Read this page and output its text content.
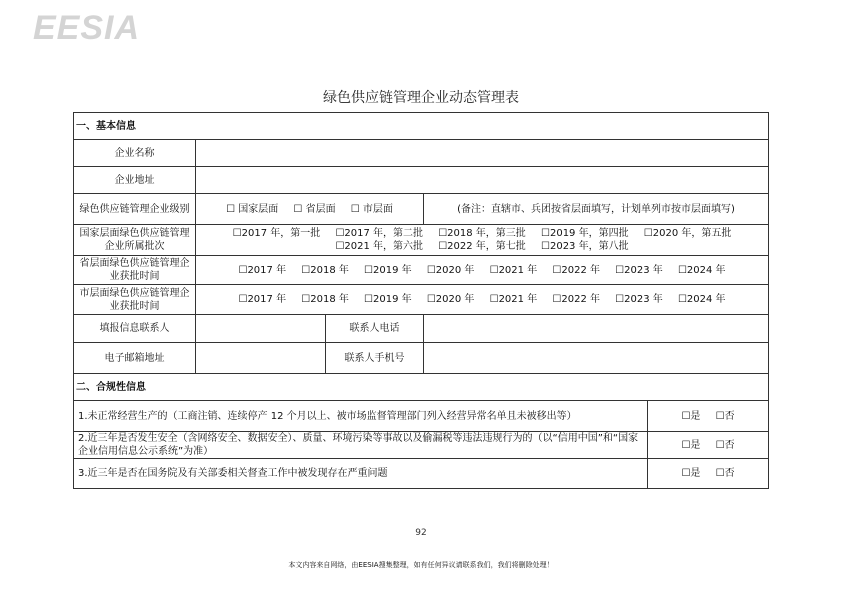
EESIA
绿色供应链管理企业动态管理表
一、基本信息				
企业名称				
企业地址				
绿色供应链管理企业级别	☐ 国家层面 ☐ 省层面 ☐ 市层面		(备注：直辖市、兵团按省层面填写，计划单列市按市层面填写)	
国家层面绿色供应链管理企业所属批次	☐2017 年，第一批 ☐2017 年，第二批 ☐2018 年，第三批 ☐2019 年，第四批 ☐2020 年，第五批
☐2021 年，第六批 ☐2022 年，第七批 ☐2023 年，第八批			

省层面绿色供应链管理企业获批时间	☐2017 年 ☐2018 年 ☐2019 年 ☐2020 年 ☐2021 年 ☐2022 年 ☐2023 年 ☐2024 年			
市层面绿色供应链管理企业获批时间	☐2017 年 ☐2018 年 ☐2019 年 ☐2020 年 ☐2021 年 ☐2022 年 ☐2023 年 ☐2024 年			
填报信息联系人		联系人电话		
电子邮箱地址		联系人手机号		
二、合规性信息				
1.未正常经营生产的（工商注销、连续停产 12 个月以上、被市场监督管理部门列入经营异常名单且未被移出等）				☐是 ☐否
2.近三年是否发生安全（含网络安全、数据安全）、质量、环境污染等事故以及偷漏税等违法违规行为的（以“信用中国”和“国家企业信用信息公示系统”为准）				☐是 ☐否
3.近三年是否在国务院及有关部委相关督查工作中被发现存在严重问题				☐是 ☐否
92
本文内容来自网络，由EESIA搜集整理，如有任何异议请联系我们，我们将删除处理！
